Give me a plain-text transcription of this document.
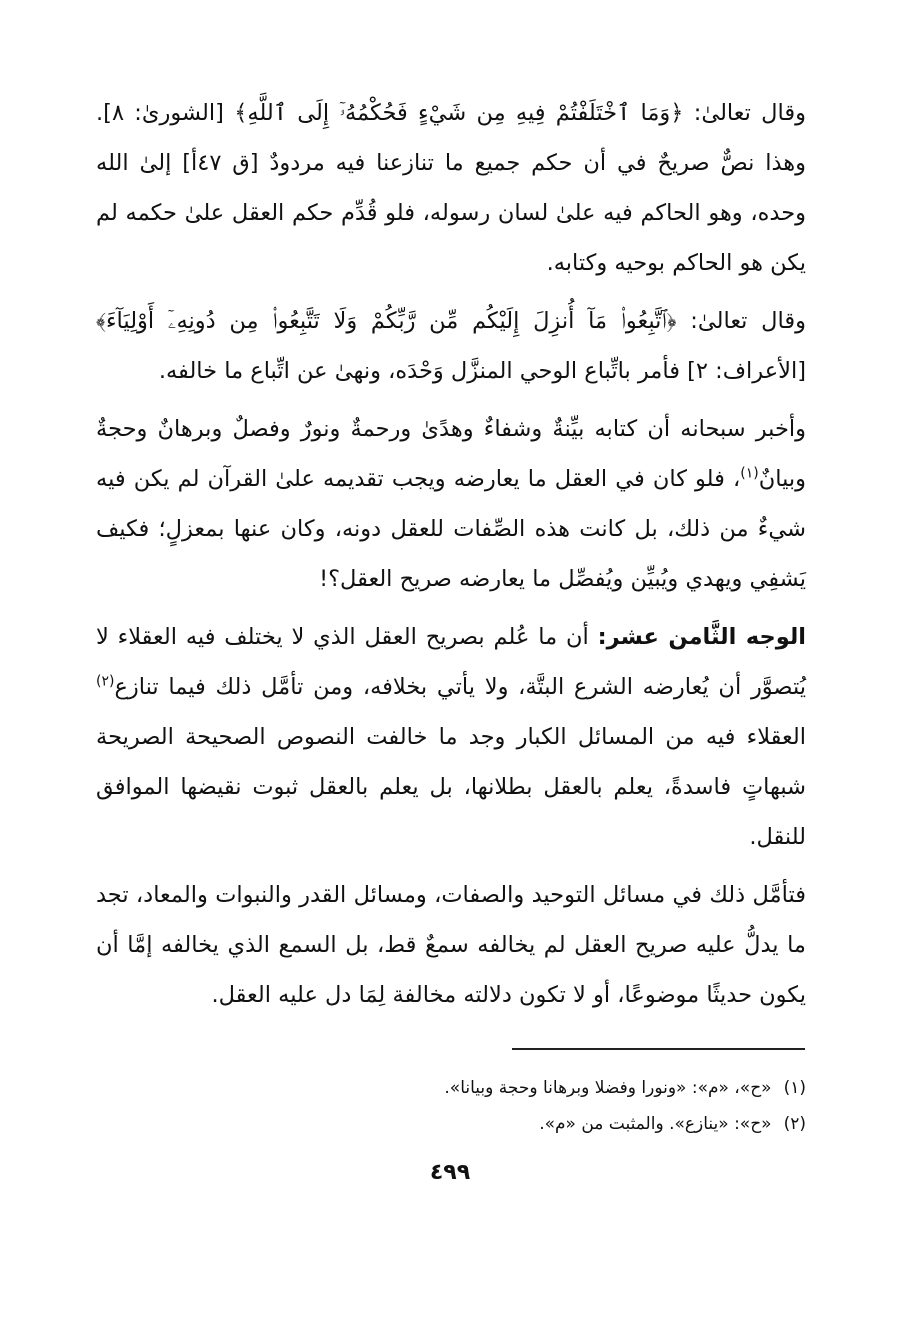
وقال تعالىٰ: ﴿وَمَا ٱخْتَلَفْتُمْ فِيهِ مِن شَيْءٍ فَحُكْمُهُۥٓ إِلَى ٱللَّهِ﴾ [الشورىٰ: ٨]. وهذا نصٌّ صريحٌ في أن حكم جميع ما تنازعنا فيه مردودٌ [ق ٤٧أ] إلىٰ الله وحده، وهو الحاكم فيه علىٰ لسان رسوله، فلو قُدِّم حكم العقل علىٰ حكمه لم يكن هو الحاكم بوحيه وكتابه.

وقال تعالىٰ: ﴿ٱتَّبِعُوا۟ مَآ أُنزِلَ إِلَيْكُم مِّن رَّبِّكُمْ وَلَا تَتَّبِعُوا۟ مِن دُونِهِۦٓ أَوْلِيَآءَ﴾ [الأعراف: ٢] فأمر باتِّباع الوحي المنزَّل وَحْدَه، ونهىٰ عن اتِّباع ما خالفه.

وأخبر سبحانه أن كتابه بيِّنةٌ وشفاءٌ وهدًىٰ ورحمةٌ ونورٌ وفصلٌ وبرهانٌ وحجةٌ وبيانٌ$^{(١)}$، فلو كان في العقل ما يعارضه ويجب تقديمه علىٰ القرآن لم يكن فيه شيءٌ من ذلك، بل كانت هذه الصِّفات للعقل دونه، وكان عنها بمعزلٍ؛ فكيف يَشفِي ويهدي ويُبيِّن ويُفصِّل ما يعارضه صريح العقل؟!

الوجه الثَّامن عشر: أن ما عُلم بصريح العقل الذي لا يختلف فيه العقلاء لا يُتصوَّر أن يُعارضه الشرع البتَّة، ولا يأتي بخلافه، ومن تأمَّل ذلك فيما تنازع$^{(٢)}$ العقلاء فيه من المسائل الكبار وجد ما خالفت النصوص الصحيحة الصريحة شبهاتٍ فاسدةً، يعلم بالعقل بطلانها، بل يعلم بالعقل ثبوت نقيضها الموافق للنقل.

فتأمَّل ذلك في مسائل التوحيد والصفات، ومسائل القدر والنبوات والمعاد، تجد ما يدلُّ عليه صريح العقل لم يخالفه سمعٌ قط، بل السمع الذي يخالفه إمَّا أن يكون حديثًا موضوعًا، أو لا تكون دلالته مخالفة لِمَا دل عليه العقل.

(١)«ح»، «م»: «ونورا وفضلا وبرهانا وحجة وبيانا».

(٢)«ح»: «ينازع». والمثبت من «م».

٤٩٩
